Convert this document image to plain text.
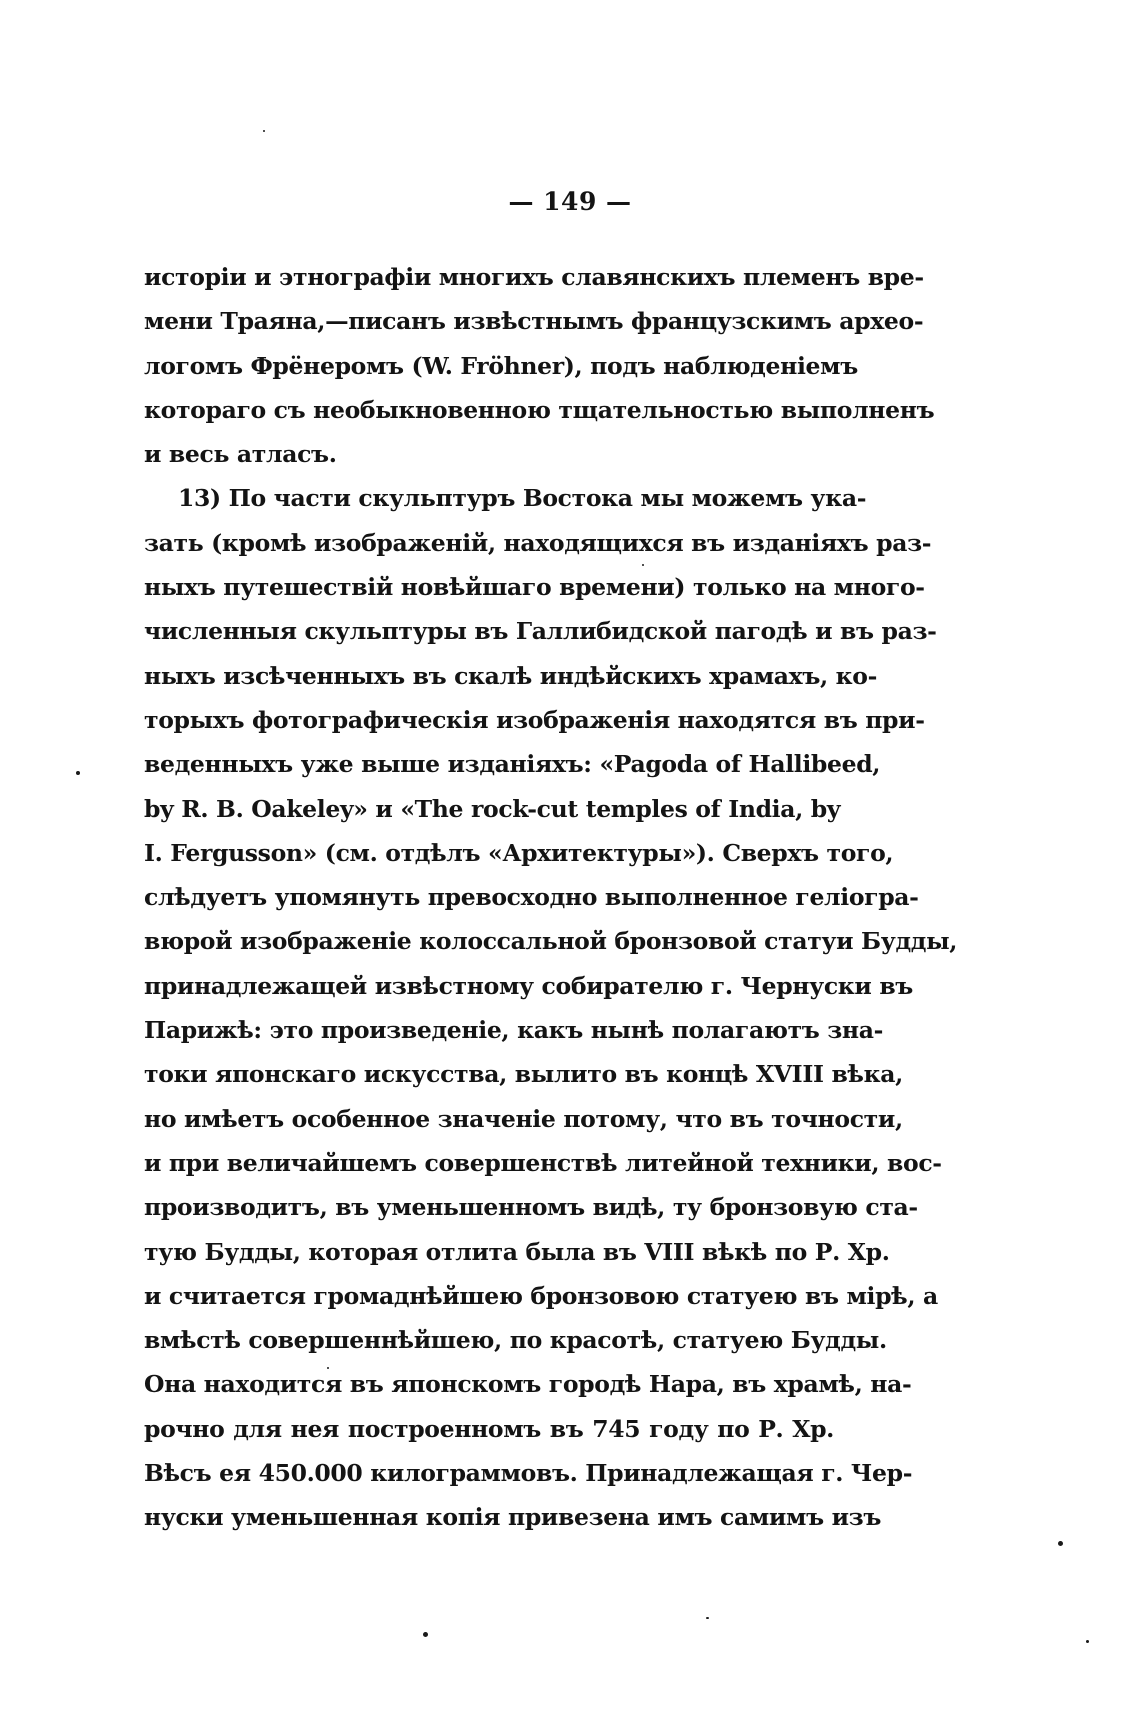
— 149 —
исторіи и этнографіи многихъ славянскихъ племенъ вре-
мени Траяна,—писанъ извѣстнымъ французскимъ архео-
логомъ Фрёнеромъ (W. Fröhner), подъ наблюденіемъ
котораго съ необыкновенною тщательностью выполненъ
и весь атласъ.
13) По части скульптуръ Востока мы можемъ ука-
зать (кромѣ изображеній, находящихся въ изданіяхъ раз-
ныхъ путешествій новѣйшаго времени) только на много-
численныя скульптуры въ Галлибидской пагодѣ и въ раз-
ныхъ изсѣченныхъ въ скалѣ индѣйскихъ храмахъ, ко-
торыхъ фотографическія изображенія находятся въ при-
веденныхъ уже выше изданіяхъ: «Pagoda of Hallibeed,
by R. B. Oakeley» и «The rock-cut temples of India, by
I. Fergusson» (см. отдѣлъ «Архитектуры»). Сверхъ того,
слѣдуетъ упомянуть превосходно выполненное геліогра-
вюрой изображеніе колоссальной бронзовой статуи Будды,
принадлежащей извѣстному собирателю г. Чернуски въ
Парижѣ: это произведеніе, какъ нынѣ полагаютъ зна-
токи японскаго искусства, вылито въ концѣ XVIII вѣка,
но имѣетъ особенное значеніе потому, что въ точности,
и при величайшемъ совершенствѣ литейной техники, вос-
производитъ, въ уменьшенномъ видѣ, ту бронзовую ста-
тую Будды, которая отлита была въ VIII вѣкѣ по Р. Хр.
и считается громаднѣйшею бронзовою статуею въ мірѣ, а
вмѣстѣ совершеннѣйшею, по красотѣ, статуею Будды.
Она находится въ японскомъ городѣ Нара, въ храмѣ, на-
рочно для нея построенномъ въ 745 году по Р. Хр.
Вѣсъ ея 450.000 килограммовъ. Принадлежащая г. Чер-
нуски уменьшенная копія привезена имъ самимъ изъ
